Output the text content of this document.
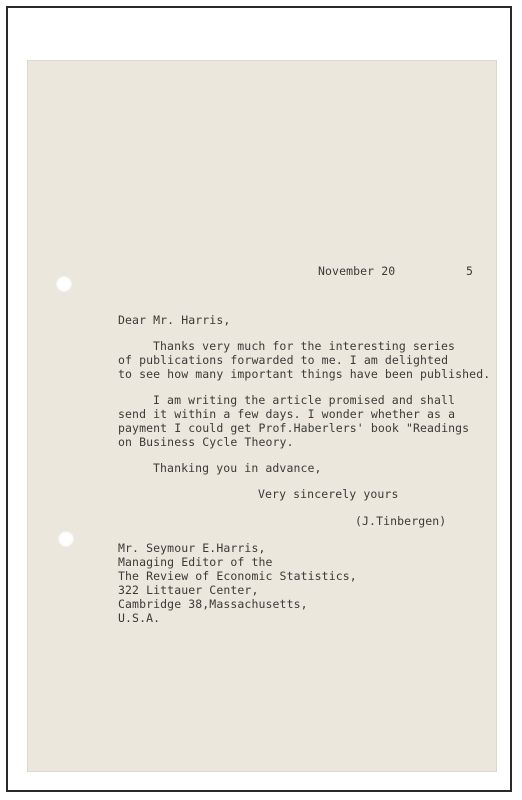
November 20	5
Dear Mr. Harris,
Thanks very much for the interesting series
of publications forwarded to me. I am delighted
to see how many important things have been published.
I am writing the article promised and shall
send it within a few days. I wonder whether as a
payment I could get Prof.Haberlers' book "Readings
on Business Cycle Theory.
Thanking you in advance,
Very sincerely yours
(J.Tinbergen)
Mr. Seymour E.Harris,
Managing Editor of the
The Review of Economic Statistics,
322 Littauer Center,
Cambridge 38,Massachusetts,
U.S.A.
